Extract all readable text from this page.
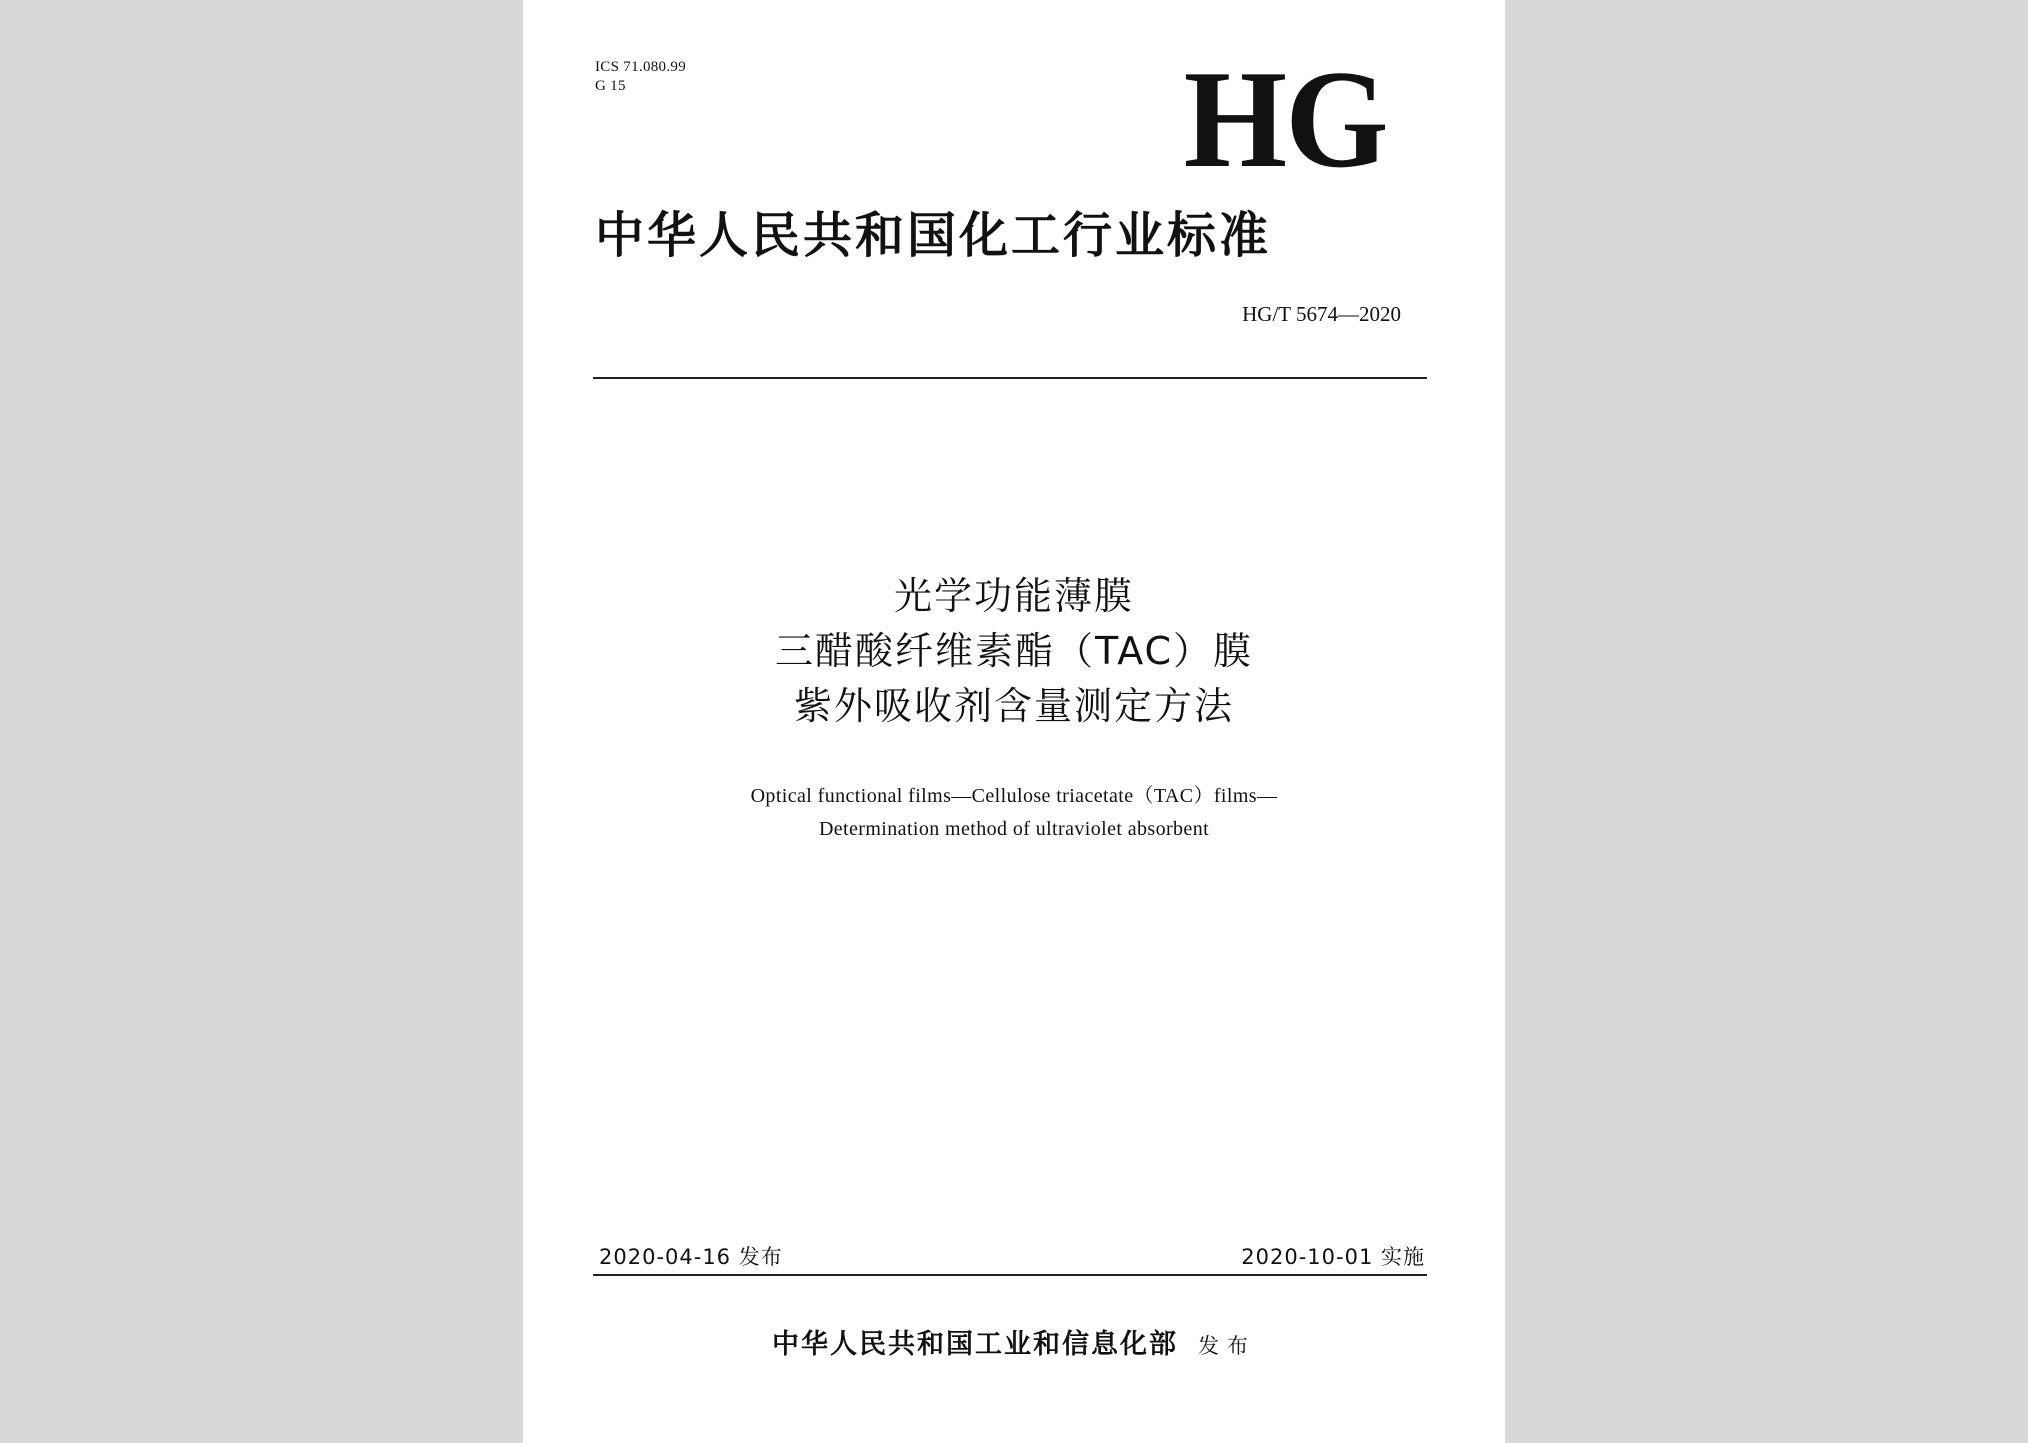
ICS 71.080.99
G 15	HG
中华人民共和国化工行业标准
HG/T 5674—2020
光学功能薄膜
三醋酸纤维素酯（TAC）膜
紫外吸收剂含量测定方法
Optical functional films—Cellulose triacetate（TAC）films—
Determination method of ultraviolet absorbent
2020-04-16 发布	2020-10-01 实施
中华人民共和国工业和信息化部 发布
